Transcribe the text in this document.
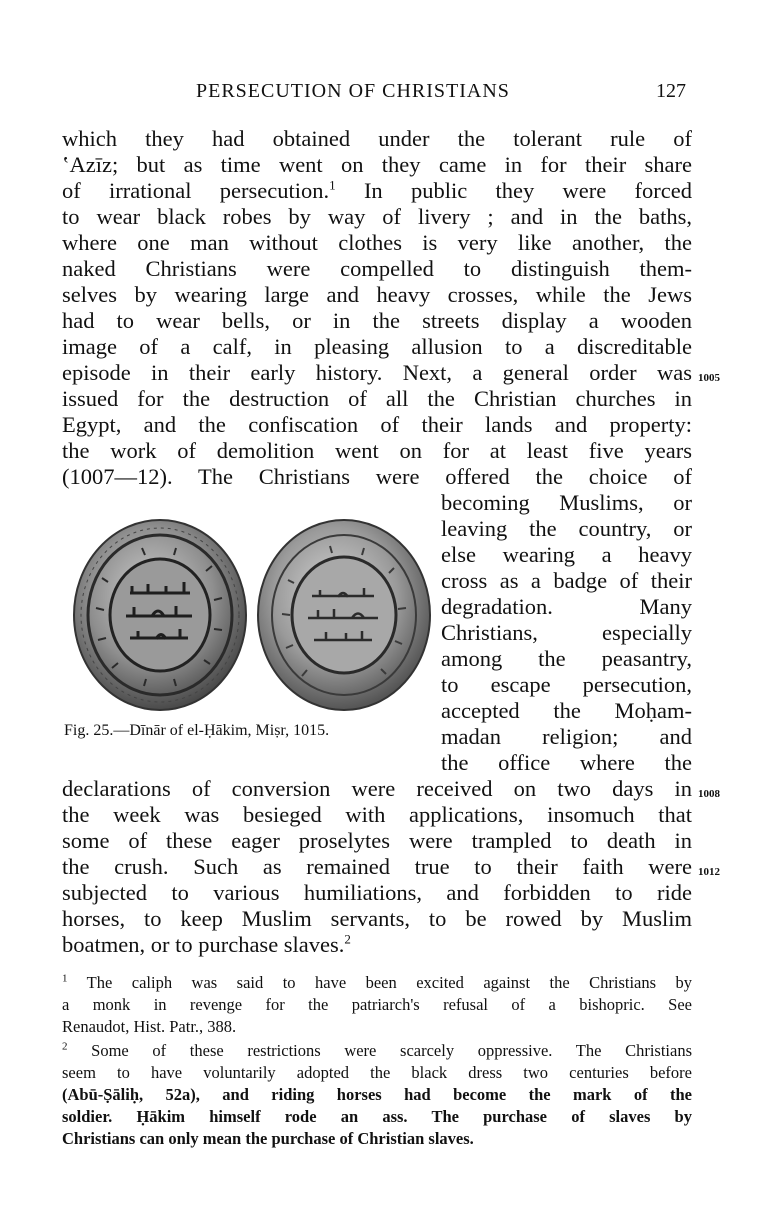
PERSECUTION OF CHRISTIANS	127
which they had obtained under the tolerant rule of
ʽAzīz; but as time went on they came in for their share
of irrational persecution.$^1$ In public they were forced
to wear black robes by way of livery ; and in the baths,
where one man without clothes is very like another, the
naked Christians were compelled to distinguish them-
selves by wearing large and heavy crosses, while the Jews
had to wear bells, or in the streets display a wooden
image of a calf, in pleasing allusion to a discreditable
episode in their early history. Next, a general order was
issued for the destruction of all the Christian churches in
Egypt, and the confiscation of their lands and property:
the work of demolition went on for at least five years
(1007—12). The Christians were offered the choice of
becoming Muslims, or
leaving the country, or
else wearing a heavy
cross as a badge of their
degradation. Many
Christians, especially
among the peasantry,
to escape persecution,
accepted the Moḥam-
madan religion; and
the office where the
declarations of conversion were received on two days in
the week was besieged with applications, insomuch that
some of these eager proselytes were trampled to death in
the crush. Such as remained true to their faith were
subjected to various humiliations, and forbidden to ride
horses, to keep Muslim servants, to be rowed by Muslim
boatmen, or to purchase slaves.$^2$
1005
1008
1012
Fig. 25.—Dīnār of el-Ḥākim, Miṣr, 1015.
$^1$ The caliph was said to have been excited against the Christians by
a monk in revenge for the patriarch's refusal of a bishopric. See
Renaudot, Hist. Patr., 388.
$^2$ Some of these restrictions were scarcely oppressive. The Christians
seem to have voluntarily adopted the black dress two centuries before
(Abū-Ṣāliḥ, 52a), and riding horses had become the mark of the
soldier. Ḥākim himself rode an ass. The purchase of slaves by
Christians can only mean the purchase of Christian slaves.
